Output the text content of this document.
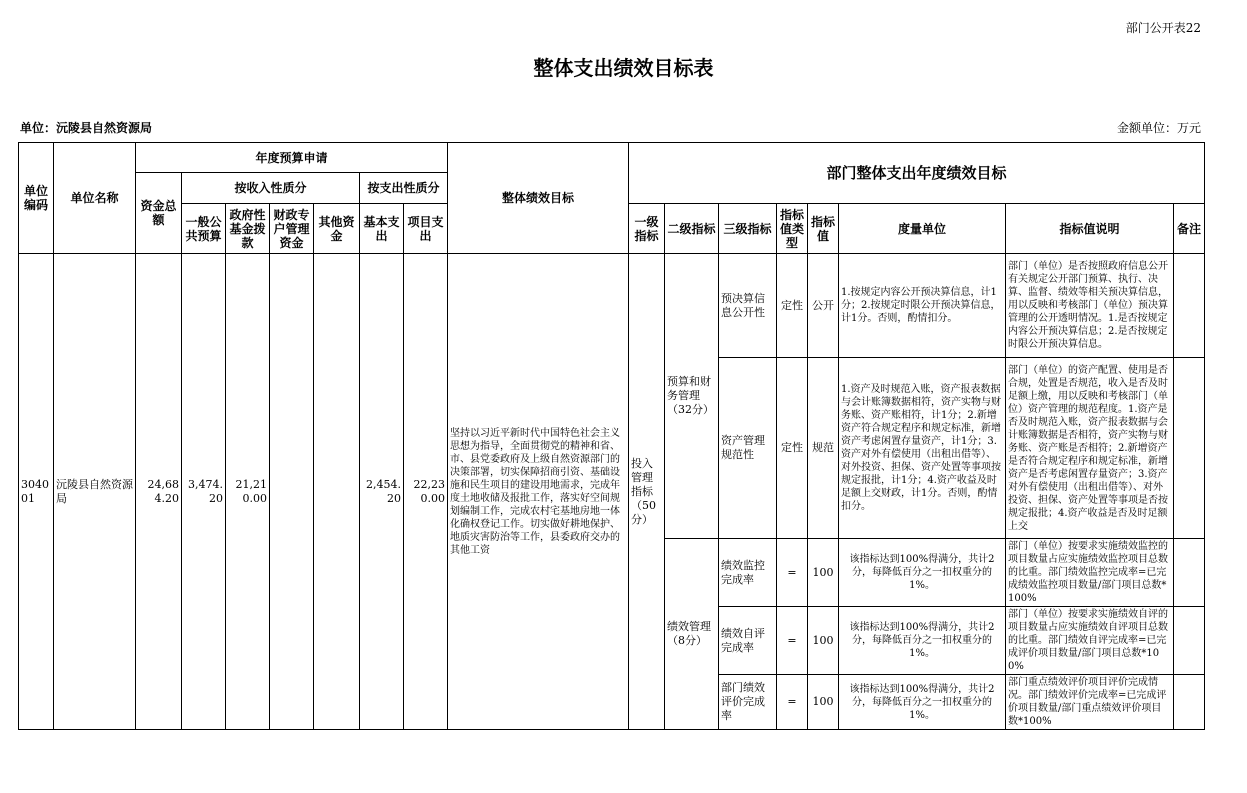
部门公开表22
整体支出绩效目标表
单位：沅陵县自然资源局	金额单位：万元
单位编码	单位名称	年度预算申请							整体绩效目标	部门整体支出年度绩效目标							
		资金总额	按收入性质分				按支出性质分										
			一般公共预算	政府性基金拨款	财政专户管理资金	其他资金	基本支出	项目支出		一级指标	二级指标	三级指标	指标值类型	指标值	度量单位	指标值说明	备注
304001	沅陵县自然资源局	24,684.20	3,474.20	21,210.00			2,454.20	22,230.00	坚持以习近平新时代中国特色社会主义思想为指导，全面贯彻党的精神和省、市、县党委政府及上级自然资源部门的决策部署，切实保障招商引资、基础设施和民生项目的建设用地需求，完成年度土地收储及报批工作，落实好空间规划编制工作，完成农村宅基地房地一体化确权登记工作。切实做好耕地保护、地质灾害防治等工作，县委政府交办的其他工资	投入管理指标（50分）	预算和财务管理（32分）	预决算信息公开性	定性	公开	1.按规定内容公开预决算信息，计1分；2.按规定时限公开预决算信息，计1分。否则，酌情扣分。	部门（单位）是否按照政府信息公开有关规定公开部门预算、执行、决算、监督、绩效等相关预决算信息，用以反映和考核部门（单位）预决算管理的公开透明情况。1.是否按规定内容公开预决算信息；2.是否按规定时限公开预决算信息。	
												资产管理规范性	定性	规范	1.资产及时规范入账，资产报表数据与会计账簿数据相符，资产实物与财务账、资产账相符，计1分；2.新增资产符合规定程序和规定标准，新增资产考虑闲置存量资产，计1分；3.资产对外有偿使用（出租出借等）、对外投资、担保、资产处置等事项按规定报批，计1分；4.资产收益及时足额上交财政，计1分。否则，酌情扣分。	部门（单位）的资产配置、使用是否合规，处置是否规范，收入是否及时足额上缴，用以反映和考核部门（单位）资产管理的规范程度。1.资产是否及时规范入账，资产报表数据与会计账簿数据是否相符，资产实物与财务账、资产账是否相符；2.新增资产是否符合规定程序和规定标准，新增资产是否考虑闲置存量资产；3.资产对外有偿使用（出租出借等）、对外投资、担保、资产处置等事项是否按规定报批；4.资产收益是否及时足额上交	
											绩效管理（8分）	绩效监控完成率	=	100	该指标达到100%得满分，共计2分，每降低百分之一扣权重分的1%。	部门（单位）按要求实施绩效监控的项目数量占应实施绩效监控项目总数的比重。部门绩效监控完成率=已完成绩效监控项目数量/部门项目总数*100%	
												绩效自评完成率	=	100	该指标达到100%得满分，共计2分，每降低百分之一扣权重分的1%。	部门（单位）按要求实施绩效自评的项目数量占应实施绩效自评项目总数的比重。部门绩效自评完成率=已完成评价项目数量/部门项目总数*100%	
												部门绩效评价完成率	=	100	该指标达到100%得满分，共计2分，每降低百分之一扣权重分的1%。	部门重点绩效评价项目评价完成情况。部门绩效评价完成率=已完成评价项目数量/部门重点绩效评价项目数*100%	
